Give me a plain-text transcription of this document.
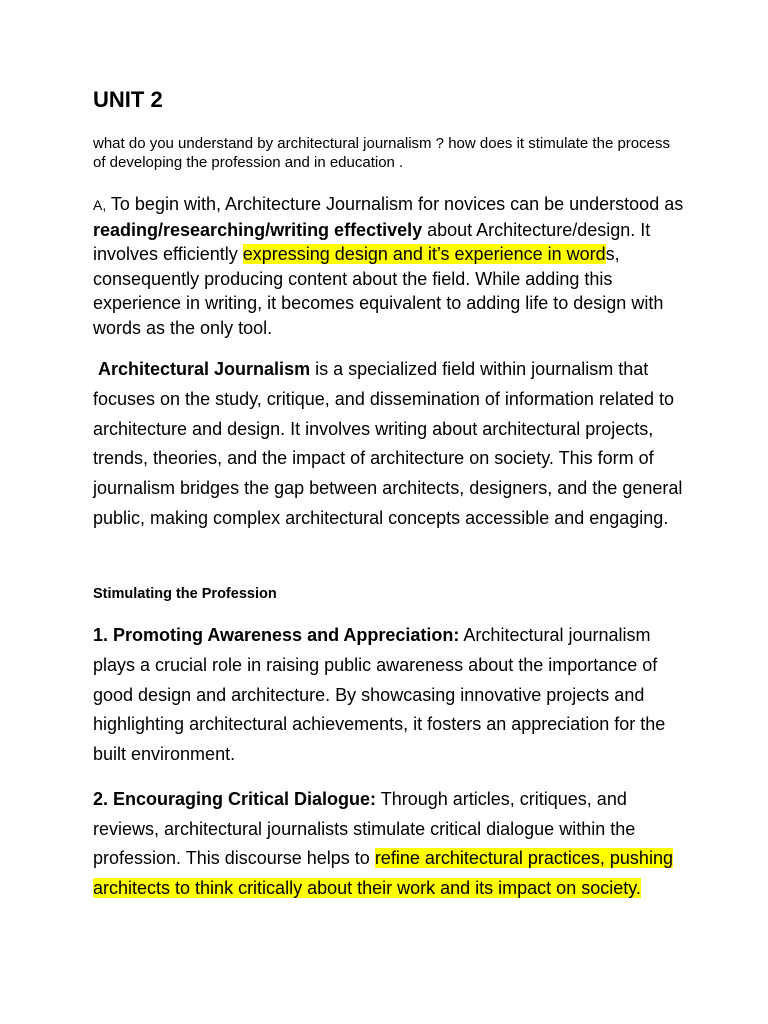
UNIT 2
what do you understand by architectural journalism ? how does it stimulate the process of developing the profession and in education .
A, To begin with, Architecture Journalism for novices can be understood as reading/researching/writing effectively about Architecture/design. It involves efficiently expressing design and it’s experience in words, consequently producing content about the field. While adding this experience in writing, it becomes equivalent to adding life to design with words as the only tool.
Architectural Journalism is a specialized field within journalism that focuses on the study, critique, and dissemination of information related to architecture and design. It involves writing about architectural projects, trends, theories, and the impact of architecture on society. This form of journalism bridges the gap between architects, designers, and the general public, making complex architectural concepts accessible and engaging.
Stimulating the Profession
1. Promoting Awareness and Appreciation: Architectural journalism plays a crucial role in raising public awareness about the importance of good design and architecture. By showcasing innovative projects and highlighting architectural achievements, it fosters an appreciation for the built environment.
2. Encouraging Critical Dialogue: Through articles, critiques, and reviews, architectural journalists stimulate critical dialogue within the profession. This discourse helps to refine architectural practices, pushing architects to think critically about their work and its impact on society.
